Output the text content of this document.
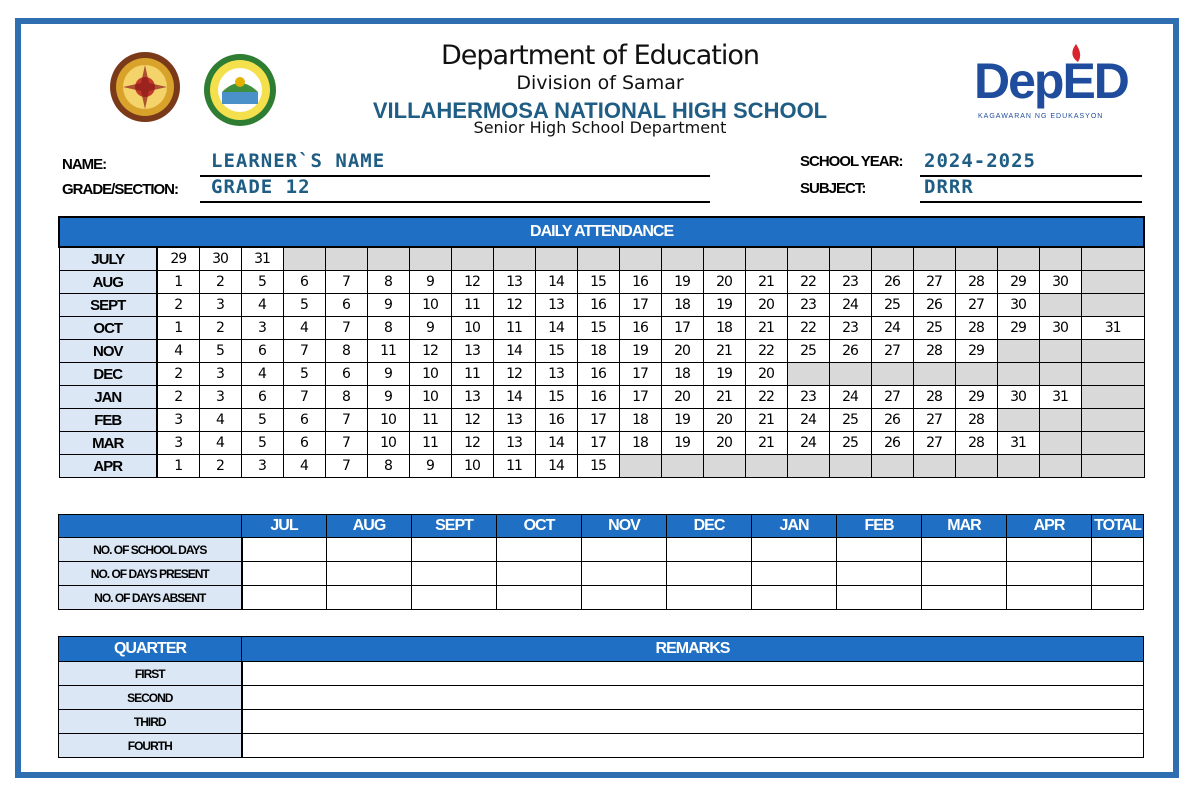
DepED
KAGAWARAN NG EDUKASYON
Department of Education
Division of Samar
VILLAHERMOSA NATIONAL HIGH SCHOOL
Senior High School Department
NAME:	LEARNER`S NAME
GRADE/SECTION: GRADE 12
SCHOOL YEAR: 2024-2025
SUBJECT:	DRRR
DAILY ATTENDANCE																							
JULY	29	30	31																				
AUG	1	2	5	6	7	8	9	12	13	14	15	16	19	20	21	22	23	26	27	28	29	30	
SEPT	2	3	4	5	6	9	10	11	12	13	16	17	18	19	20	23	24	25	26	27	30		
OCT	1	2	3	4	7	8	9	10	11	14	15	16	17	18	21	22	23	24	25	28	29	30	31
NOV	4	5	6	7	8	11	12	13	14	15	18	19	20	21	22	25	26	27	28	29			
DEC	2	3	4	5	6	9	10	11	12	13	16	17	18	19	20								
JAN	2	3	6	7	8	9	10	13	14	15	16	17	20	21	22	23	24	27	28	29	30	31	
FEB	3	4	5	6	7	10	11	12	13	16	17	18	19	20	21	24	25	26	27	28			
MAR	3	4	5	6	7	10	11	12	13	14	17	18	19	20	21	24	25	26	27	28	31		
APR	1	2	3	4	7	8	9	10	11	14	15												
	JUL	AUG	SEPT	OCT	NOV	DEC	JAN	FEB	MAR	APR	TOTAL
NO. OF SCHOOL DAYS											
NO. OF DAYS PRESENT											
NO. OF DAYS ABSENT											
QUARTER	REMARKS
FIRST	
SECOND	
THIRD	
FOURTH	
